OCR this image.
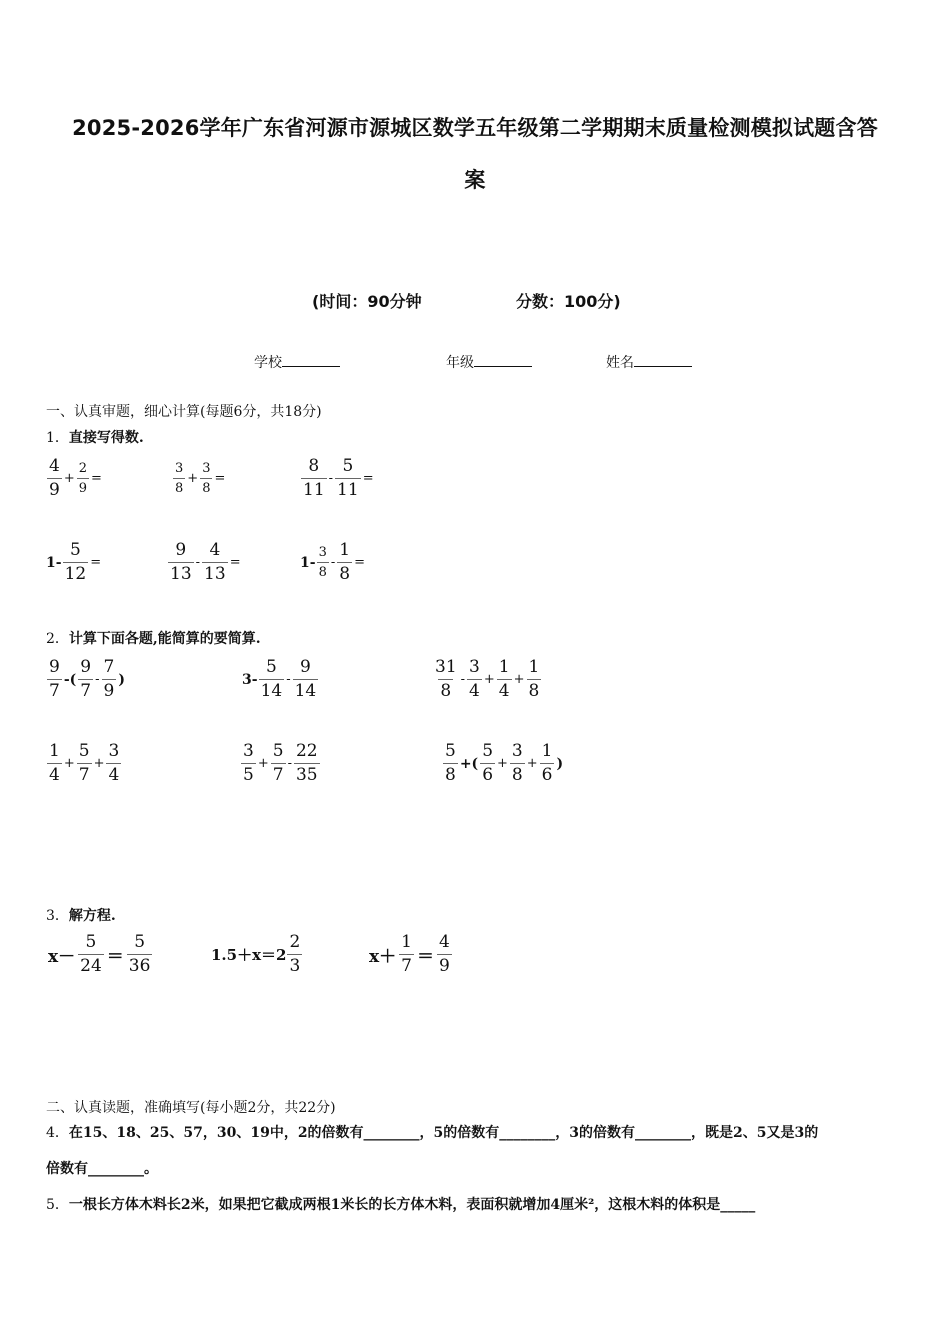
2025-2026学年广东省河源市源城区数学五年级第二学期期末质量检测模拟试题含答
案
(时间：90分钟	分数：100分)
学校	年级	姓名
一、认真审题，细心计算(每题6分，共18分)
1．直接写得数.
$\frac{4}{9} + \frac{2}{9}$ =	$\frac{3}{8} + \frac{3}{8}$ =	$\frac{8}{11} - \frac{5}{11}$ =
$1- \frac{5}{12}$ =	$\frac{9}{13} - \frac{4}{13}$ =	$1- \frac{3}{8} - \frac{1}{8}$ =
2．计算下面各题,能简算的要简算.
$\frac{9}{7}$ -( $\frac{9}{7} - \frac{7}{9}$ )	$3- \frac{5}{14} - \frac{9}{14}$	$\frac{31}{8} - \frac{3}{4} + \frac{1}{4} + \frac{1}{8}$
$\frac{1}{4} + \frac{5}{7} + \frac{3}{4}$	$\frac{3}{5} + \frac{5}{7} - \frac{22}{35}$	$\frac{5}{8}$ +( $\frac{5}{6} + \frac{3}{8} + \frac{1}{6}$ )
3．解方程.
$x- \frac{5}{24} = \frac{5}{36}$	$1.5+x=2 \frac{2}{3}$	$x+ \frac{1}{7} = \frac{4}{9}$
二、认真读题，准确填写(每小题2分，共22分)
4．在15、18、25、57，30、19中，2的倍数有________，5的倍数有________，3的倍数有________，既是2、5又是3的
倍数有________。
5．一根长方体木料长2米，如果把它截成两根1米长的长方体木料，表面积就增加4厘米²，这根木料的体积是_____
